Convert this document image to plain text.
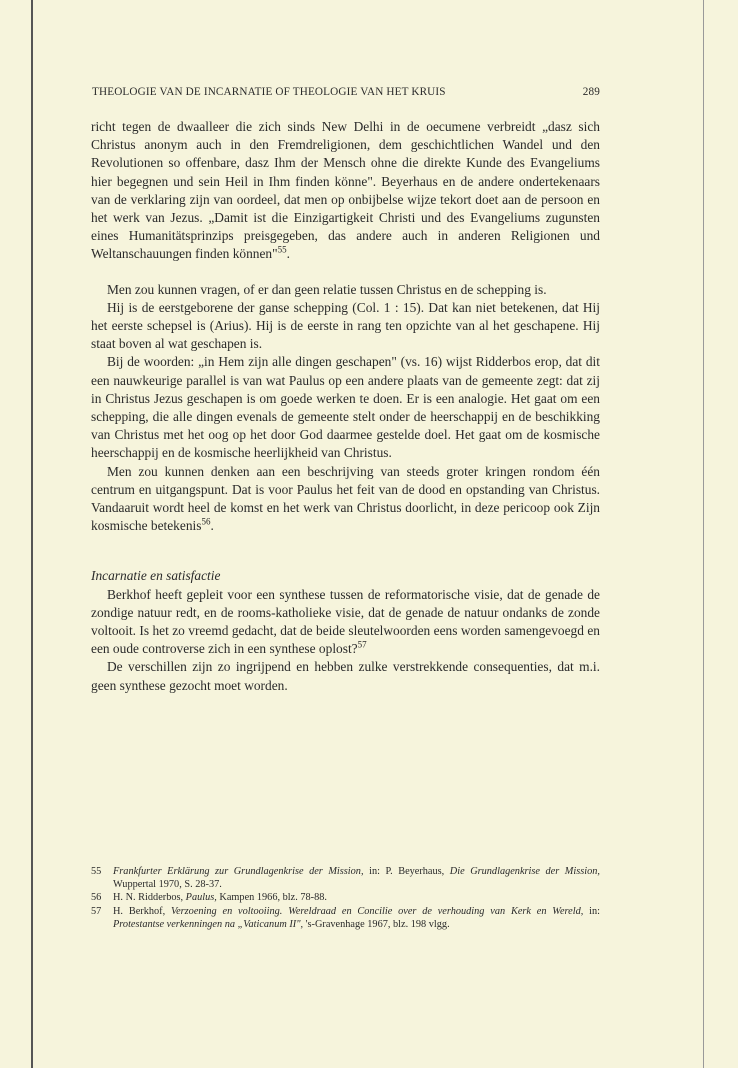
THEOLOGIE VAN DE INCARNATIE OF THEOLOGIE VAN HET KRUIS	289

richt tegen de dwaalleer die zich sinds New Delhi in de oecumene verbreidt „dasz sich Christus anonym auch in den Fremdreligionen, dem geschichtlichen Wandel und den Revolutionen so offenbare, dasz Ihm der Mensch ohne die direkte Kunde des Evangeliums hier begegnen und sein Heil in Ihm finden könne". Beyerhaus en de andere ondertekenaars van de verklaring zijn van oordeel, dat men op onbijbelse wijze tekort doet aan de persoon en het werk van Jezus. „Damit ist die Einzigartigkeit Christi und des Evangeliums zugunsten eines Humanitätsprinzips preisgegeben, das andere auch in anderen Religionen und Weltanschauungen finden können"$^{55}$.

Men zou kunnen vragen, of er dan geen relatie tussen Christus en de schepping is.

Hij is de eerstgeborene der ganse schepping (Col. 1 : 15). Dat kan niet betekenen, dat Hij het eerste schepsel is (Arius). Hij is de eerste in rang ten opzichte van al het geschapene. Hij staat boven al wat geschapen is.

Bij de woorden: „in Hem zijn alle dingen geschapen" (vs. 16) wijst Ridderbos erop, dat dit een nauwkeurige parallel is van wat Paulus op een andere plaats van de gemeente zegt: dat zij in Christus Jezus geschapen is om goede werken te doen. Er is een analogie. Het gaat om een schepping, die alle dingen evenals de gemeente stelt onder de heerschappij en de beschikking van Christus met het oog op het door God daarmee gestelde doel. Het gaat om de kosmische heerschappij en de kosmische heerlijkheid van Christus.

Men zou kunnen denken aan een beschrijving van steeds groter kringen rondom één centrum en uitgangspunt. Dat is voor Paulus het feit van de dood en opstanding van Christus. Vandaaruit wordt heel de komst en het werk van Christus doorlicht, in deze pericoop ook Zijn kosmische betekenis$^{56}$.

Incarnatie en satisfactie

Berkhof heeft gepleit voor een synthese tussen de reformatorische visie, dat de genade de zondige natuur redt, en de rooms-katholieke visie, dat de genade de natuur ondanks de zonde voltooit. Is het zo vreemd gedacht, dat de beide sleutelwoorden eens worden samengevoegd en een oude controverse zich in een synthese oplost?$^{57}$

De verschillen zijn zo ingrijpend en hebben zulke verstrekkende consequenties, dat m.i. geen synthese gezocht moet worden.

55	Frankfurter Erklärung zur Grundlagenkrise der Mission, in: P. Beyerhaus, Die Grundlagenkrise der Mission, Wuppertal 1970, S. 28-37.

56	H. N. Ridderbos, Paulus, Kampen 1966, blz. 78-88.

57	H. Berkhof, Verzoening en voltooiing. Wereldraad en Concilie over de verhouding van Kerk en Wereld, in: Protestantse verkenningen na „Vaticanum II", 's-Gravenhage 1967, blz. 198 vlgg.
